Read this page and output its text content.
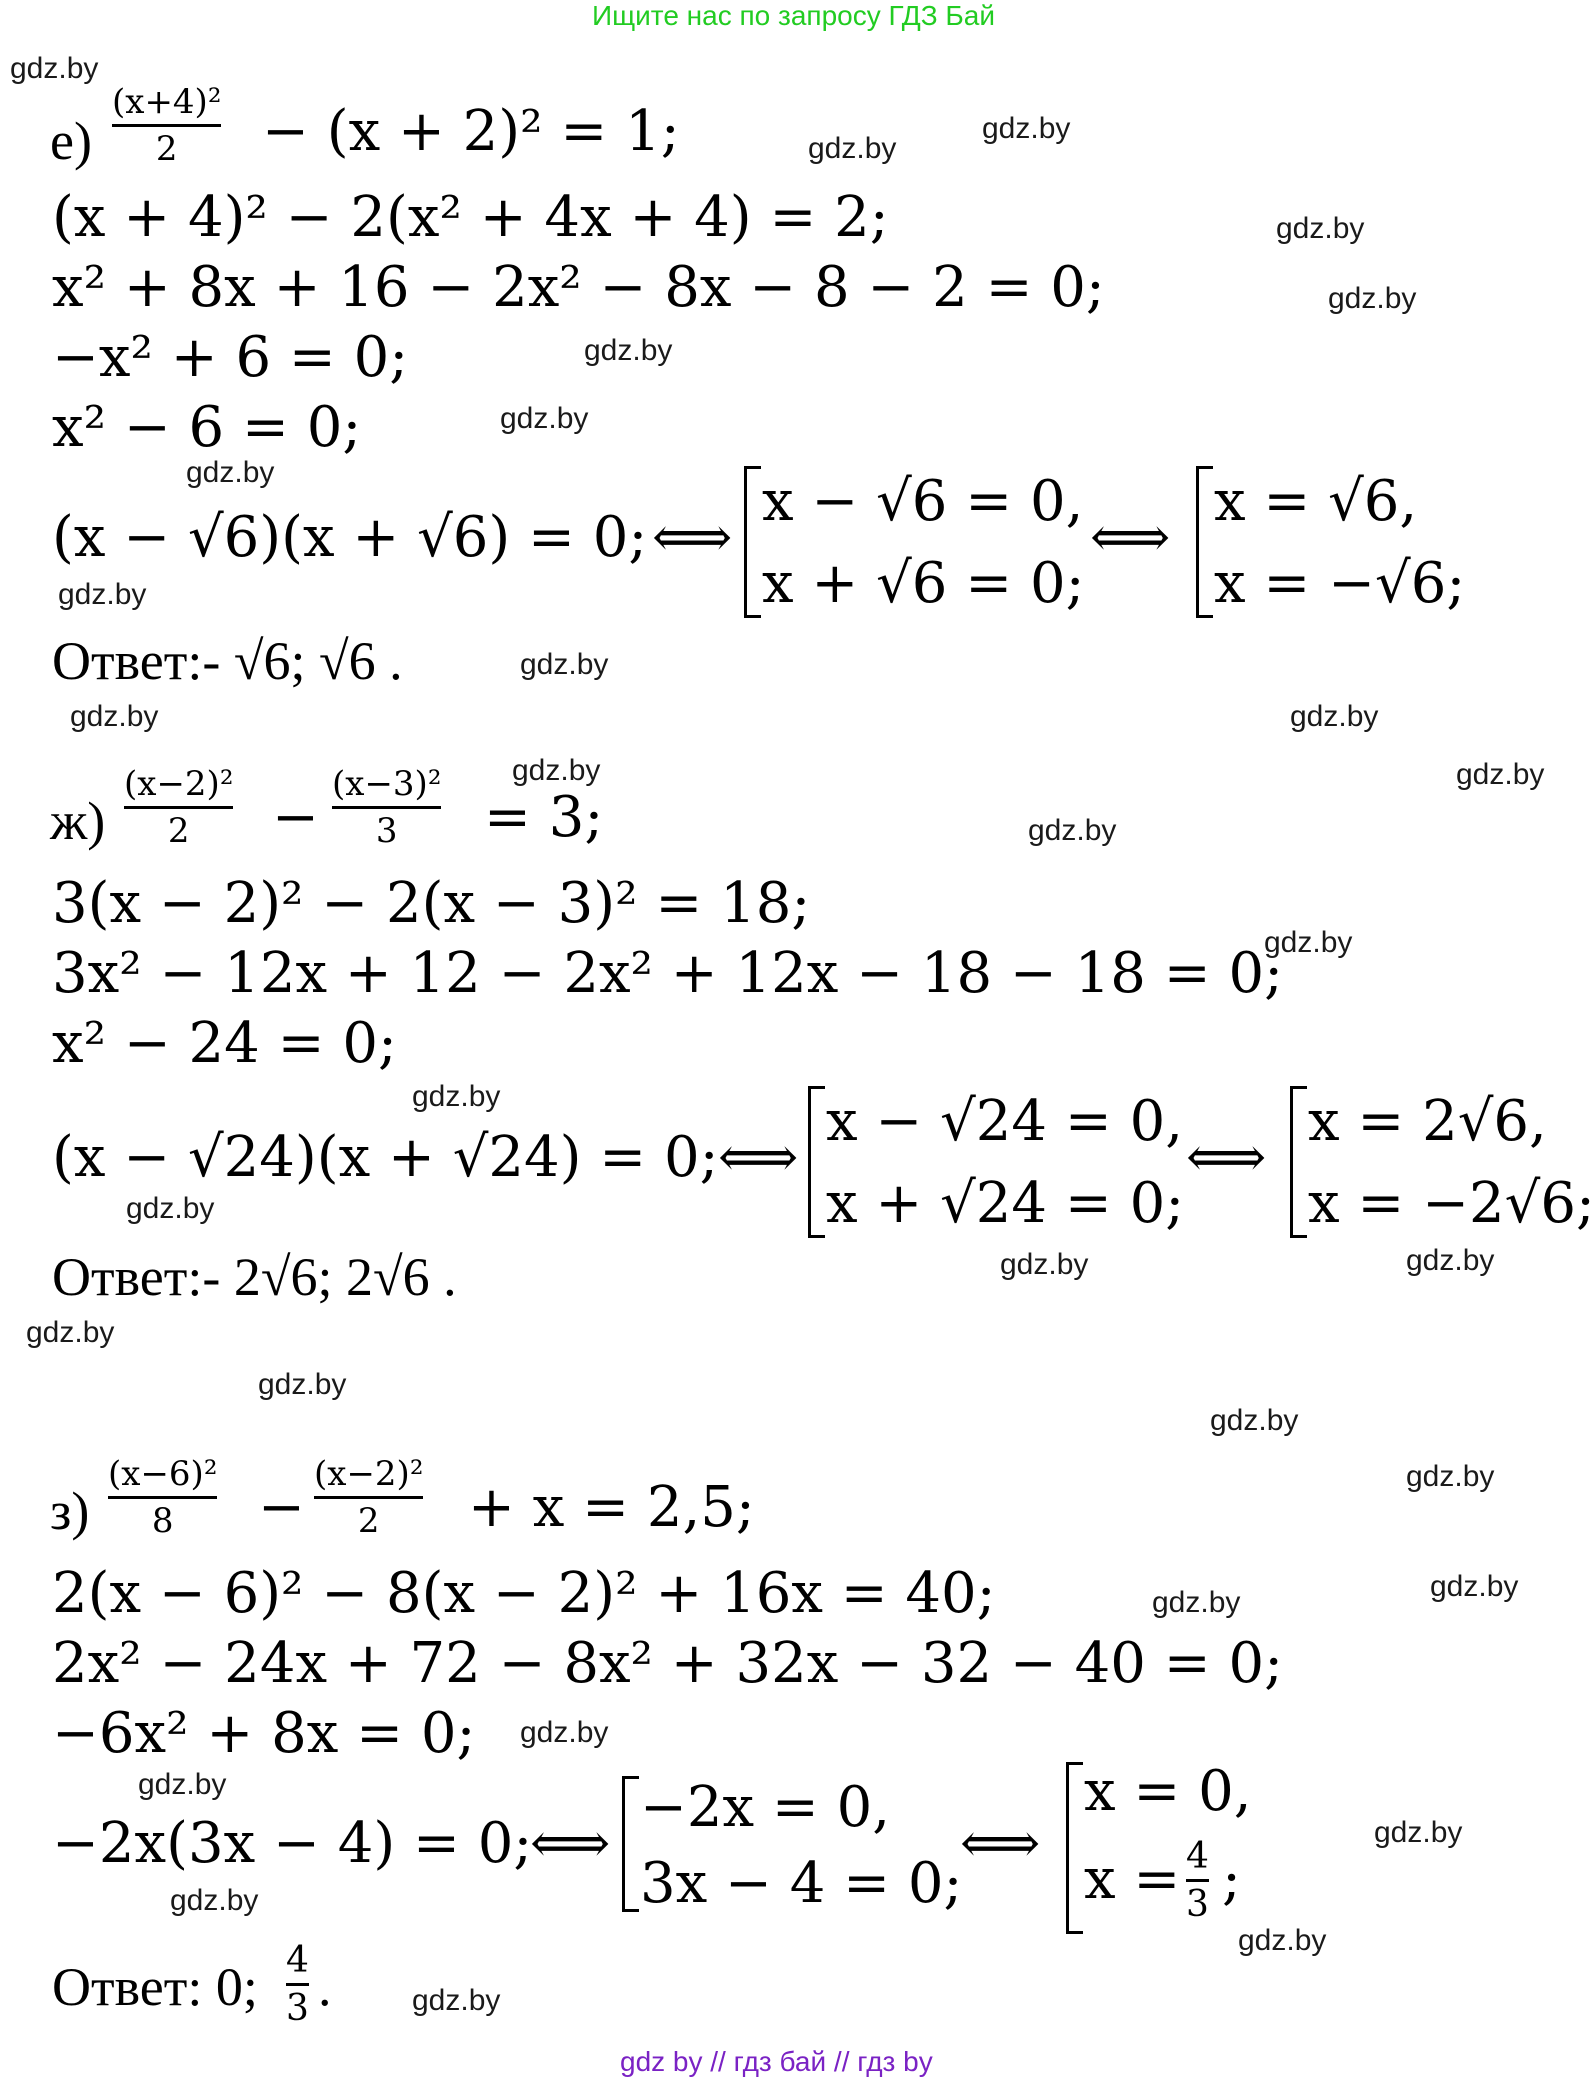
Ищите нас по запросу ГДЗ Бай
е)
(x+4)²
2	− (x + 2)² = 1;
(x + 4)² − 2(x² + 4x + 4) = 2;
x² + 8x + 16 − 2x² − 8x − 8 − 2 = 0;
−x² + 6 = 0;
x² − 6 = 0;
(x − √6)(x + √6) = 0; ⟺
x − √6 = 0,
x + √6 = 0;
⟺
x = √6,
x = −√6;
Ответ:- √6; √6 .
ж)
(x−2)²
2	−
(x−3)²
3	= 3;
3(x − 2)² − 2(x − 3)² = 18;
3x² − 12x + 12 − 2x² + 12x − 18 − 18 = 0;
x² − 24 = 0;
(x − √24)(x + √24) = 0; ⟺
x − √24 = 0,
x + √24 = 0;
⟺
x = 2√6,
x = −2√6;
Ответ:- 2√6; 2√6 .
з)
(x−6)²
8	−
(x−2)²
2	+ x = 2,5;
2(x − 6)² − 8(x − 2)² + 16x = 40;
2x² − 24x + 72 − 8x² + 32x − 32 − 40 = 0;
−6x² + 8x = 0;
−2x(3x − 4) = 0;
⟺
−2x = 0,
3x − 4 = 0;
⟺
x = 0,
x = 4
3 ;
Ответ: 0; 4
3 .
gdz.by
gdz.by
gdz.by
gdz.by
gdz.by
gdz.by
gdz.by
gdz.by
gdz.by
gdz.by
gdz.by	gdz.by
gdz.by	gdz.by
gdz.by
gdz.by
gdz.by
gdz.by
gdz.by	gdz.by
gdz.by
gdz.by
gdz.by
gdz.by
gdz.by
gdz.by
gdz.by
gdz.by
gdz.by
gdz.by
gdz.by
gdz.by
gdz by // гдз бай // гдз by
